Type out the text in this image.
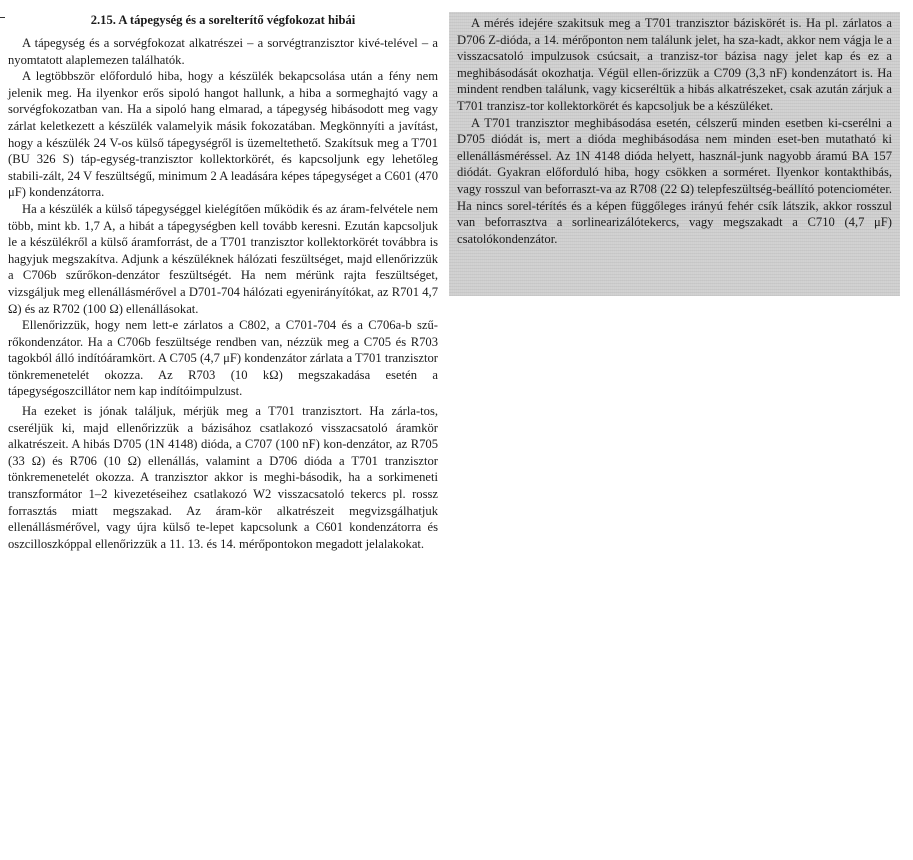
2.15. A tápegység és a sorelterítő végfokozat hibái

A tápegység és a sorvégfokozat alkatrészei – a sorvégtranzisztor kivé-telével – a nyomtatott alaplemezen találhatók.

A legtöbbször előforduló hiba, hogy a készülék bekapcsolása után a fény nem jelenik meg. Ha ilyenkor erős sipoló hangot hallunk, a hiba a sormeghajtó vagy a sorvégfokozatban van. Ha a sipoló hang elmarad, a tápegység hibásodott meg vagy zárlat keletkezett a készülék valamelyik másik fokozatában. Megkönnyíti a javítást, hogy a készülék 24 V-os külső tápegységről is üzemeltethető. Szakítsuk meg a T701 (BU 326 S) táp-egység-tranzisztor kollektorkörét, és kapcsoljunk egy lehetőleg stabili-zált, 24 V feszültségű, minimum 2 A leadására képes tápegységet a C601 (470 μF) kondenzátorra.

Ha a készülék a külső tápegységgel kielégítően működik és az áram-felvétele nem több, mint kb. 1,7 A, a hibát a tápegységben kell tovább keresni. Ezután kapcsoljuk le a készülékről a külső áramforrást, de a T701 tranzisztor kollektorkörét továbbra is hagyjuk megszakítva. Adjunk a készüléknek hálózati feszültséget, majd ellenőrizzük a C706b szűrőkon-denzátor feszültségét. Ha nem mérünk rajta feszültséget, vizsgáljuk meg ellenállásmérővel a D701-704 hálózati egyenirányítókat, az R701 4,7 Ω) és az R702 (100 Ω) ellenállásokat.

Ellenőrizzük, hogy nem lett-e zárlatos a C802, a C701-704 és a C706a-b szű-rőkondenzátor. Ha a C706b feszültsége rendben van, nézzük meg a C705 és R703 tagokból álló indítóáramkört. A C705 (4,7 μF) kondenzátor zárlata a T701 tranzisztor tönkremenetelét okozza. Az R703 (10 kΩ) megszakadása esetén a tápegységoszcillátor nem kap indítóimpulzust.

Ha ezeket is jónak találjuk, mérjük meg a T701 tranzisztort. Ha zárla-tos, cseréljük ki, majd ellenőrizzük a bázisához csatlakozó visszacsatoló áramkör alkatrészeit. A hibás D705 (1N 4148) dióda, a C707 (100 nF) kon-denzátor, az R705 (33 Ω) és R706 (10 Ω) ellenállás, valamint a D706 dióda a T701 tranzisztor tönkremenetelét okozza. A tranzisztor akkor is meghi-básodik, ha a sorkimeneti transzformátor 1–2 kivezetéseihez csatlakozó W2 visszacsatoló tekercs pl. rossz forrasztás miatt megszakad. Az áram-kör alkatrészeit megvizsgálhatjuk ellenállásmérővel, vagy újra külső te-lepet kapcsolunk a C601 kondenzátorra és oszcilloszkóppal ellenőrizzük a 11. 13. és 14. mérőpontokon megadott jelalakokat.

A mérés idejére szakitsuk meg a T701 tranzisztor báziskörét is. Ha pl. zárlatos a D706 Z-dióda, a 14. mérőponton nem találunk jelet, ha sza-kadt, akkor nem vágja le a visszacsatoló impulzusok csúcsait, a tranzisz-tor bázisa nagy jelet kap és ez a meghibásodását okozhatja. Végül ellen-őrizzük a C709 (3,3 nF) kondenzátort is. Ha mindent rendben találunk, vagy kicseréltük a hibás alkatrészeket, csak azután zárjuk a T701 tranzisz-tor kollektorkörét és kapcsoljuk be a készüléket.

A T701 tranzisztor meghibásodása esetén, célszerű minden esetben ki-cserélni a D705 diódát is, mert a dióda meghibásodása nem minden eset-ben mutatható ki ellenállásméréssel. Az 1N 4148 dióda helyett, használ-junk nagyobb áramú BA 157 diódát. Gyakran előforduló hiba, hogy csökken a sorméret. Ilyenkor kontakthibás, vagy rosszul van beforraszt-va az R708 (22 Ω) telepfeszültség-beállító potenciométer. Ha nincs sorel-térítés és a képen függőleges irányú fehér csík látszik, akkor rosszul van beforrasztva a sorlinearizálótekercs, vagy megszakadt a C710 (4,7 μF) csatolókondenzátor.
